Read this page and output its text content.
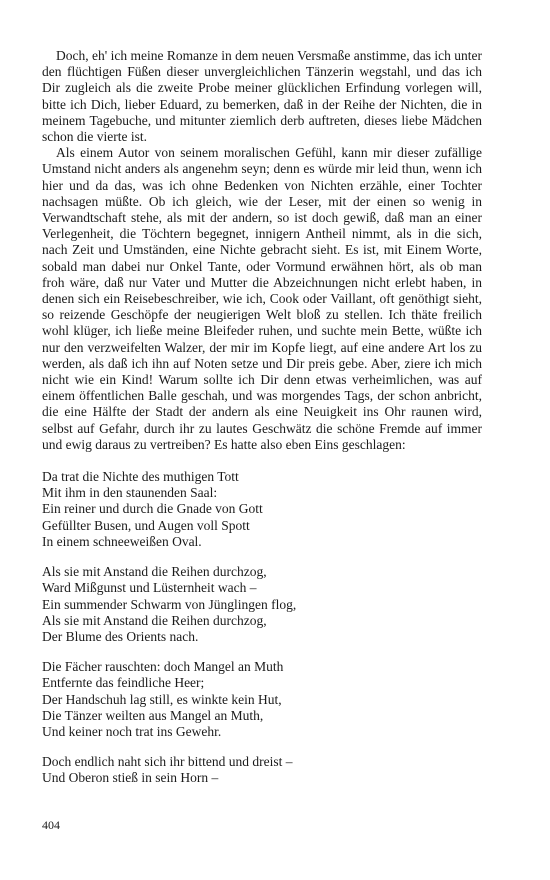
Doch, eh' ich meine Romanze in dem neuen Versmaße anstimme, das ich unter den flüchtigen Füßen dieser unvergleichlichen Tänzerin wegstahl, und das ich Dir zugleich als die zweite Probe meiner glücklichen Erfindung vorlegen will, bitte ich Dich, lieber Eduard, zu bemerken, daß in der Reihe der Nichten, die in meinem Tagebuche, und mitunter ziemlich derb auftreten, dieses liebe Mädchen schon die vierte ist.

Als einem Autor von seinem moralischen Gefühl, kann mir dieser zufällige Umstand nicht anders als angenehm seyn; denn es würde mir leid thun, wenn ich hier und da das, was ich ohne Bedenken von Nichten erzähle, einer Tochter nachsagen müßte. Ob ich gleich, wie der Leser, mit der einen so wenig in Verwandtschaft stehe, als mit der andern, so ist doch gewiß, daß man an einer Verlegenheit, die Töchtern begegnet, innigern Antheil nimmt, als in die sich, nach Zeit und Umständen, eine Nichte gebracht sieht. Es ist, mit Einem Worte, sobald man dabei nur Onkel Tante, oder Vormund erwähnen hört, als ob man froh wäre, daß nur Vater und Mutter die Abzeichnungen nicht erlebt haben, in denen sich ein Reisebeschreiber, wie ich, Cook oder Vaillant, oft genöthigt sieht, so reizende Geschöpfe der neugierigen Welt bloß zu stellen. Ich thäte freilich wohl klüger, ich ließe meine Bleifeder ruhen, und suchte mein Bette, wüßte ich nur den verzweifelten Walzer, der mir im Kopfe liegt, auf eine andere Art los zu werden, als daß ich ihn auf Noten setze und Dir preis gebe. Aber, ziere ich mich nicht wie ein Kind! Warum sollte ich Dir denn etwas verheimlichen, was auf einem öffentlichen Balle geschah, und was morgendes Tags, der schon anbricht, die eine Hälfte der Stadt der andern als eine Neuigkeit ins Ohr raunen wird, selbst auf Gefahr, durch ihr zu lautes Geschwätz die schöne Fremde auf immer und ewig daraus zu vertreiben? Es hatte also eben Eins geschlagen:

Da trat die Nichte des muthigen Tott
Mit ihm in den staunenden Saal:
Ein reiner und durch die Gnade von Gott
Gefüllter Busen, und Augen voll Spott
In einem schneeweißen Oval.
Als sie mit Anstand die Reihen durchzog,
Ward Mißgunst und Lüsternheit wach –
Ein summender Schwarm von Jünglingen flog,
Als sie mit Anstand die Reihen durchzog,
Der Blume des Orients nach.
Die Fächer rauschten: doch Mangel an Muth
Entfernte das feindliche Heer;
Der Handschuh lag still, es winkte kein Hut,
Die Tänzer weilten aus Mangel an Muth,
Und keiner noch trat ins Gewehr.
Doch endlich naht sich ihr bittend und dreist –
Und Oberon stieß in sein Horn –
404
